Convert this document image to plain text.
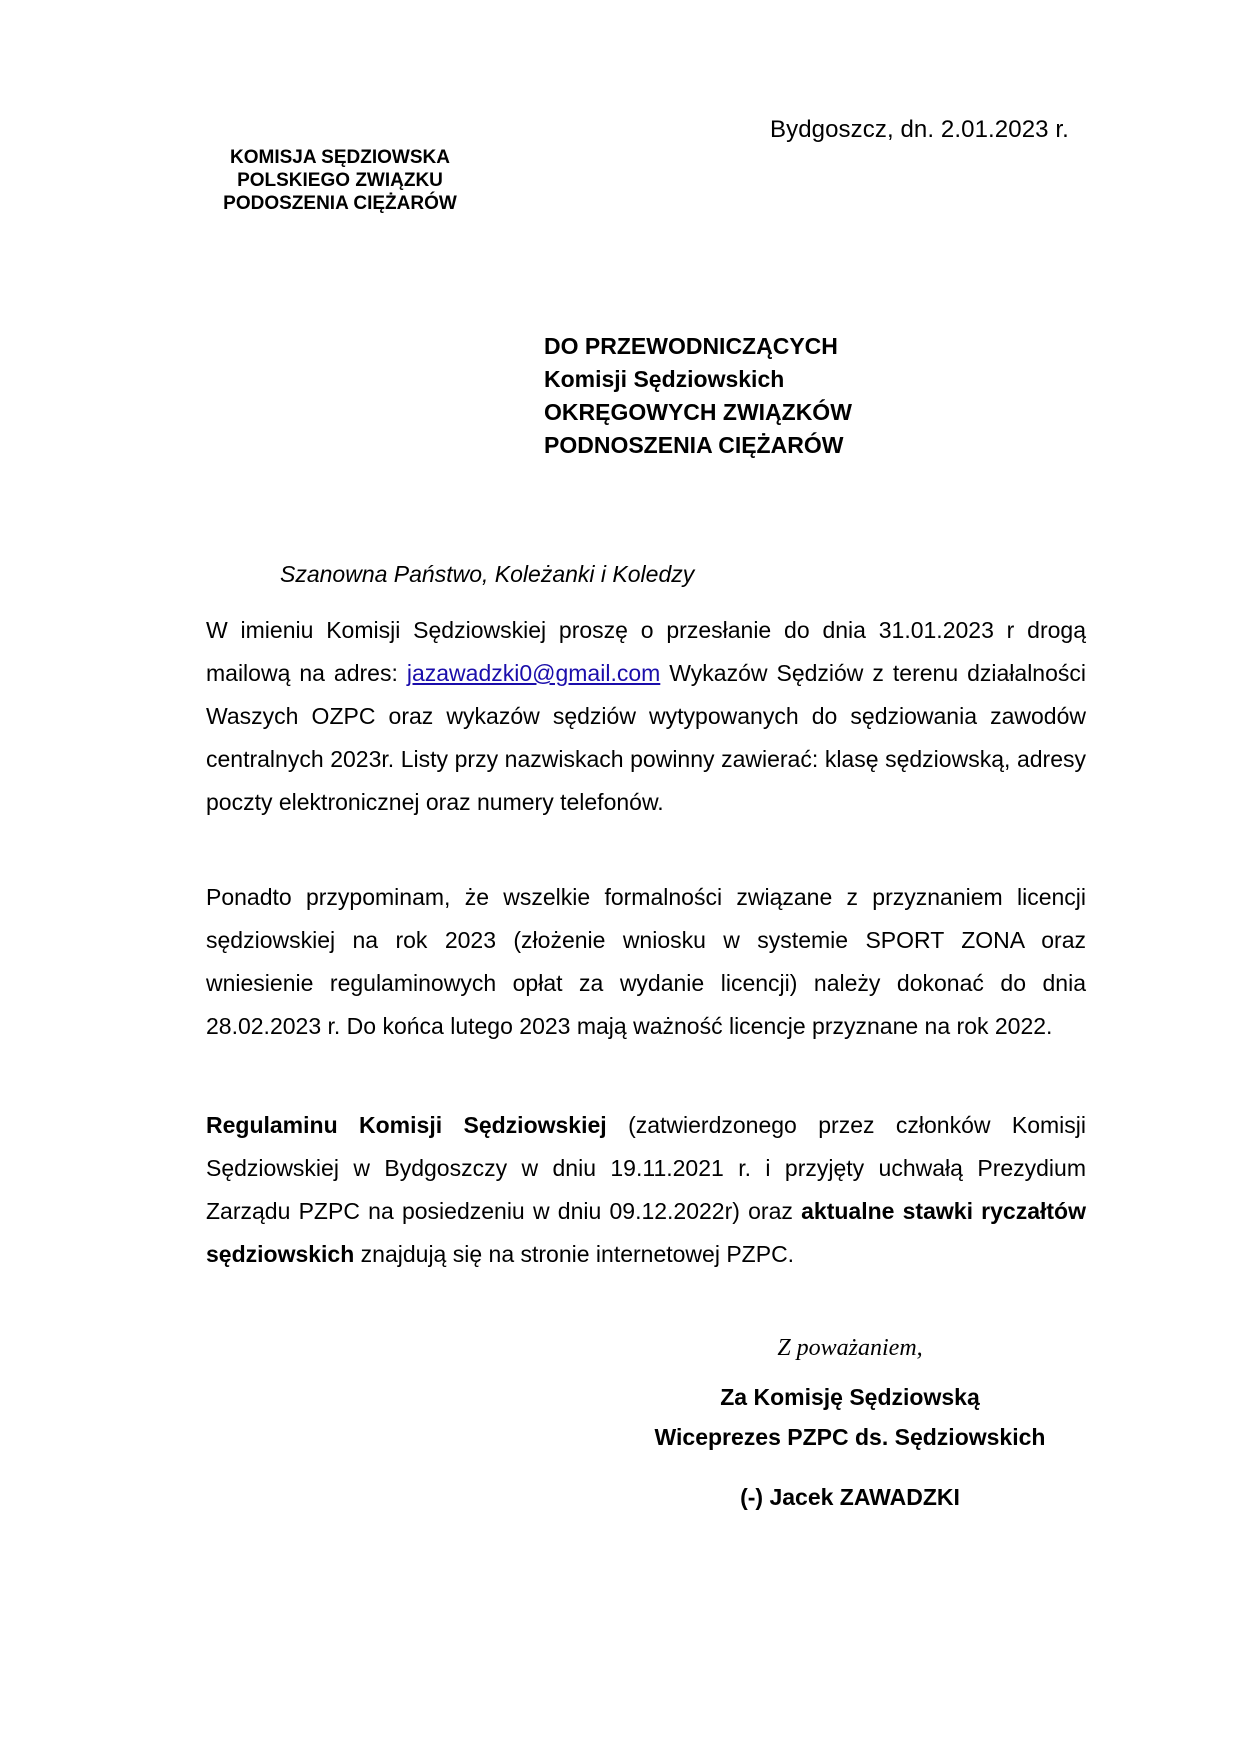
Bydgoszcz, dn. 2.01.2023 r.
KOMISJA SĘDZIOWSKA
POLSKIEGO ZWIĄZKU
PODOSZENIA CIĘŻARÓW
DO PRZEWODNICZĄCYCH
Komisji Sędziowskich
OKRĘGOWYCH ZWIĄZKÓW
PODNOSZENIA CIĘŻARÓW
Szanowna Państwo, Koleżanki i Koledzy
W imieniu Komisji Sędziowskiej proszę o przesłanie do dnia 31.01.2023 r drogą mailową na adres: jazawadzki0@gmail.com Wykazów Sędziów z terenu działalności Waszych OZPC oraz wykazów sędziów wytypowanych do sędziowania zawodów centralnych 2023r. Listy przy nazwiskach powinny zawierać: klasę sędziowską, adresy poczty elektronicznej oraz numery telefonów.
Ponadto przypominam, że wszelkie formalności związane z przyznaniem licencji sędziowskiej na rok 2023 (złożenie wniosku w systemie SPORT ZONA oraz wniesienie regulaminowych opłat za wydanie licencji) należy dokonać do dnia 28.02.2023 r. Do końca lutego 2023 mają ważność licencje przyznane na rok 2022.
Regulaminu Komisji Sędziowskiej (zatwierdzonego przez członków Komisji Sędziowskiej w Bydgoszczy w dniu 19.11.2021 r. i przyjęty uchwałą Prezydium Zarządu PZPC na posiedzeniu w dniu 09.12.2022r) oraz aktualne stawki ryczałtów sędziowskich znajdują się na stronie internetowej PZPC.
Z poważaniem,
Za Komisję Sędziowską
Wiceprezes PZPC ds. Sędziowskich
(-) Jacek ZAWADZKI
